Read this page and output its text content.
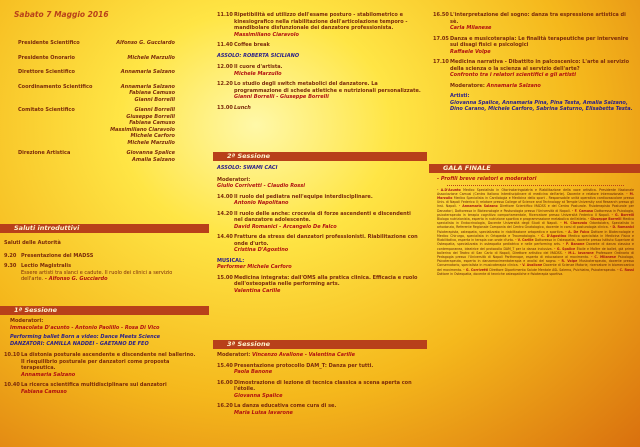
Sabato 7 Maggio 2016
Presidente Scientifico	Alfonso G. Gucciardo
Presidente Onorario	Michele Marzullo
Direttore Scientifico	Annamaria Salzano
Coordinamento Scientifico	Annamaria Salzano
Fabiana Camuso
Gianni Borrelli
Comitato Scientifico	Gianni Borrelli
Giuseppe Borrelli
Fabiana Camuso
Massimiliano Ciaravolo
Michele Carforo
Michele Marzullo
Direzione Artistica	Giovanna Spalice
Amalia Salzano
Saluti introduttivi
Saluti delle Autorità
9.20 Presentazione del MADSS
9.30 Lectio Magistralis
Essere artisti tra slanci e cadute. Il ruolo dei clinici a servizio dell'arte. - Alfonso G. Gucciardo
1ª Sessione
Moderatori:
Immacolata D'acunto - Antonio Paolillo - Rosa Di Vico
Performing ballet Born a video: Dance Meets Science
DANZATORI: CAMILLA NADDEI - GAETANO DE FEO
10.10 La distonia posturale ascendente e discendente nel ballerino. Il riequilibrio posturale per danzatori come proposta terapeutica.
Annamaria Salzano
10.40 La ricerca scientifica multidisciplinare sui danzatori
Fabiana Camuso
11.10 Ripetibilità ed utilizzo dell'esame posturo - stabilometrico e kinesiografico nella riabilitazione dell'articolazione temporo - mandibolare disfunzionale dei danzatore professionista.
Massimiliano Ciaravolo
11.40 Coffee break
ASSOLO: ROBERTA SICILIANO
12.00 Il cuore d'artista.
Michele Marzullo
12.20 Lo studio degli switch metabolici del danzatore. La programmazione di schede atletiche e nutrizionali personalizzate.
Gianni Borrelli - Giuseppe Borrelli
13.00 Lunch
2ª Sessione
ASSOLO: SWAMI CACI
Moderatori:
Giulio Corrivetti - Claudio Rossi
14.00 Il ruolo del pediatra nell'equipe interdisciplinare.
Antonio Napolitano
14.20 Il ruolo delle anche: crocevia di forze ascendenti e discendenti nel danzatore adolescente.
David Romanici - Arcangelo De Falco
14.40 Fratture da stress dei danzatori professionisti. Riabilitazione con onde d'urto.
Cristina D'Agostino
MUSICAL:
Performer Michele Carforo
15.00 Medicina integrata: dall'OMS alla pratica clinica. Efficacia e ruolo dell'osteopatia nelle performing arts.
Valentina Carille
3ª Sessione
Moderatori: Vincenzo Avallone - Valentina Carille
15.40 Presentazione protocollo DAM_T: Danza per tutti.
Paola Banone
16.00 Dimostrazione di lezione di tecnica classica a scena aperta con l'étoile.
Giovanna Spalice
16.20 La danza educativa come cura di se.
Maria Luisa Iavarone
16.50 L'interpretazione del sogno: danza tra espressione artistica di sè.
Carla Milanese
17.05 Danza e musicoterapia: Le finalità terapeutiche per intervenire sui disagi fisici e psicologici
Raffaele Volpe
17.10 Medicina narrativa - Dibattito in palcoscenico: L'arte al servizio della scienza o la scienza al servizio dell'arte?
Confronto tra i relatori scientifici e gli artisti
Moderatore: Annamaria Salzano
Artisti:
Giovanna Spalice, Annamaria Pina, Pina Testa, Amalia Salzano, Dino Carano, Michele Carforo, Sabrina Saturno, Elisabetta Testa.
GALA FINALE
- Profili breve relatori e moderatori
- A.D'Acunto Medico Specialista in Otorinolaringoiatria e Riabilitazione della voce artistica. Presidente Nazionale Associazione Camusi (Centro Italiano Interdisciplinare di medicina dell'arte). Docente e relatore internazionale. - M. Marzullo Medico Specialista in Cardiologia e Medicina dello sport - Responsabile unità operativa cardiovascolare presso Univ. di Napoli Federico II; relatore presso College of Science and Technology at Temple University and Research presso gli Inst. Napoli. - Annamaria Salzano Direttore Scientifico MADSS e del Centro Posturale. Fisioterapista Posturale per Danzatori, Dottoressa in Biotecnologie e Posturologia presso l'Università di Napoli. - F. Camuso Dottoressa in Psicologia, psicoterapeuta in terapia cognitivo comportamentale, Ricercatore presso Università Federico II Napoli. - G. Borrelli Biologo nutrizionista, esperto in nutrizione sportiva e programmazione metabolica dell'atleta. - Giuseppe Borrelli Medico specialista in Endocrinologia, Docente Università degli Studi di Napoli. - M. Ciaravolo Odontoiatra, Specialista in ortodonzia, Referente Regionale Campania del Centro Gnatologico, docente in corsi di posturologia clinica. - D. Romanici Fisioterapista, osteopata, specializzato in riabilitazione ortopedica e sportiva. - A. De Falco Dottore in Biotecnologie e Medico Chirurgo, specialista in Ortopedia e Traumatologia. - C. D'Agostino Medico specialista in Medicina Fisica e Riabilitativa, esperta in terapia con onde d'urto. - V. Carille Dottoressa in Osteopatia, docente presso Istituto Superiore di Osteopatia, specializzata in osteopatia pediatrica e nelle performing arts. - P. Banone Docente di danza classica e contemporanea, ideatrice del protocollo DAM_T per la danza inclusiva. - G. Spalice Étoile e Maître de ballet, già prima ballerina del Teatro di San Carlo di Napoli, Direttore artistico del MADSS. - M.L. Iavarone Professore Ordinario di Pedagogia presso l'Università di Napoli Parthenope, esperta di educazione al movimento. - C. Milanese Psicologa, Psicoterapeuta, esperta in danzamovimentoterapia e analisi del sogno. - R. Volpe Musicoterapeuta, docente presso Conservatorio, specialista in musicoterapia clinica. - V. Avallone Docente di Scienze Motorie, ricercatore in biomeccanica del movimento. - G. Corrivetti Direttore Dipartimento Salute Mentale ASL Salerno, Psichiatra, Psicoterapeuta. - C. Rossi Dottore in Osteopatia, docente di tecniche osteopatiche e fisioterapia sportiva.
